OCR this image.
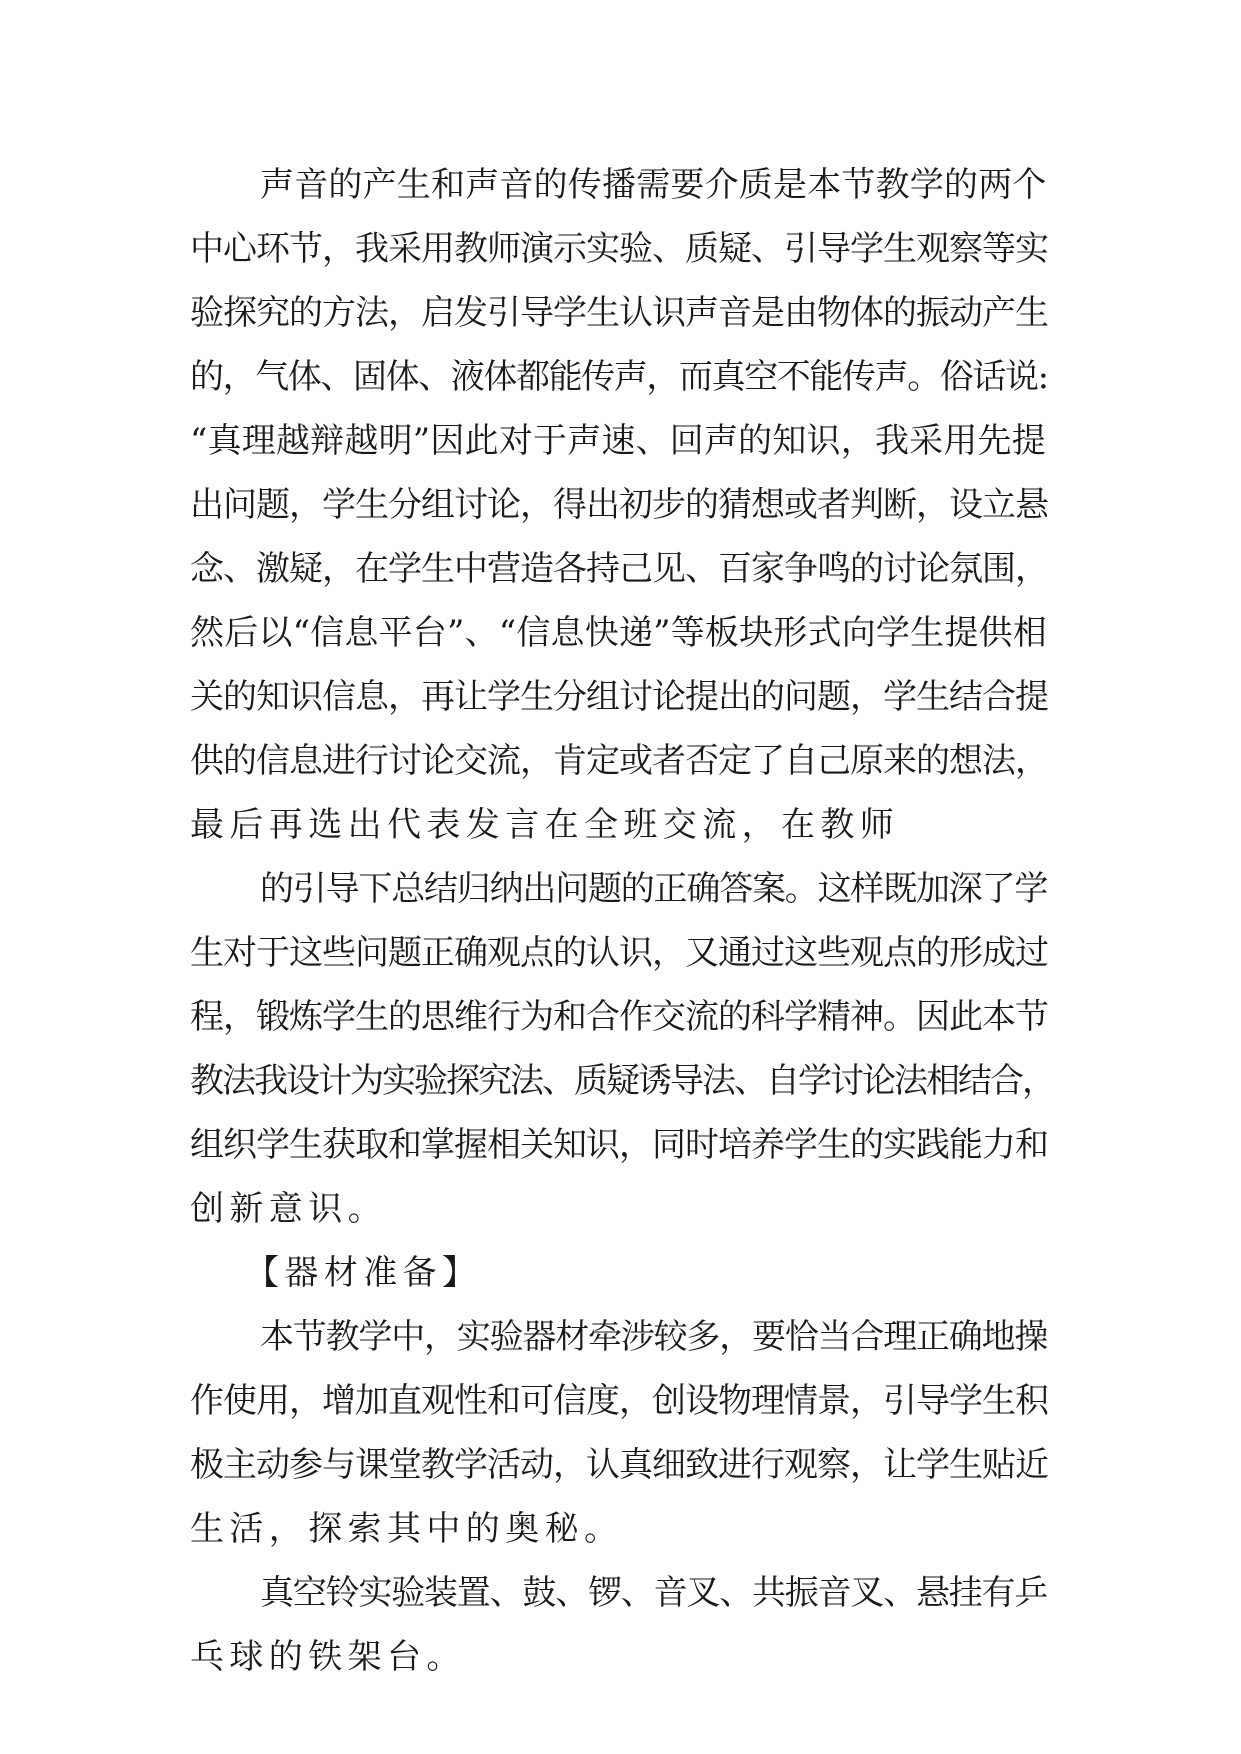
声音的产生和声音的传播需要介质是本节教学的两个
中心环节，我采用教师演示实验、质疑、引导学生观察等实
验探究的方法，启发引导学生认识声音是由物体的振动产生
的，气体、固体、液体都能传声，而真空不能传声。俗话说:
“真理越辩越明”因此对于声速、回声的知识，我采用先提
出问题，学生分组讨论，得出初步的猜想或者判断，设立悬
念、激疑，在学生中营造各持己见、百家争鸣的讨论氛围，
然后以“信息平台”、“信息快递”等板块形式向学生提供相
关的知识信息，再让学生分组讨论提出的问题，学生结合提
供的信息进行讨论交流，肯定或者否定了自己原来的想法，
最后再选出代表发言在全班交流，在教师
的引导下总结归纳出问题的正确答案。这样既加深了学
生对于这些问题正确观点的认识，又通过这些观点的形成过
程，锻炼学生的思维行为和合作交流的科学精神。因此本节
教法我设计为实验探究法、质疑诱导法、自学讨论法相结合，
组织学生获取和掌握相关知识，同时培养学生的实践能力和
创新意识。
【器材准备】
本节教学中，实验器材牵涉较多，要恰当合理正确地操
作使用，增加直观性和可信度，创设物理情景，引导学生积
极主动参与课堂教学活动，认真细致进行观察，让学生贴近
生活，探索其中的奥秘。
真空铃实验装置、鼓、锣、音叉、共振音叉、悬挂有乒
乓球的铁架台。
